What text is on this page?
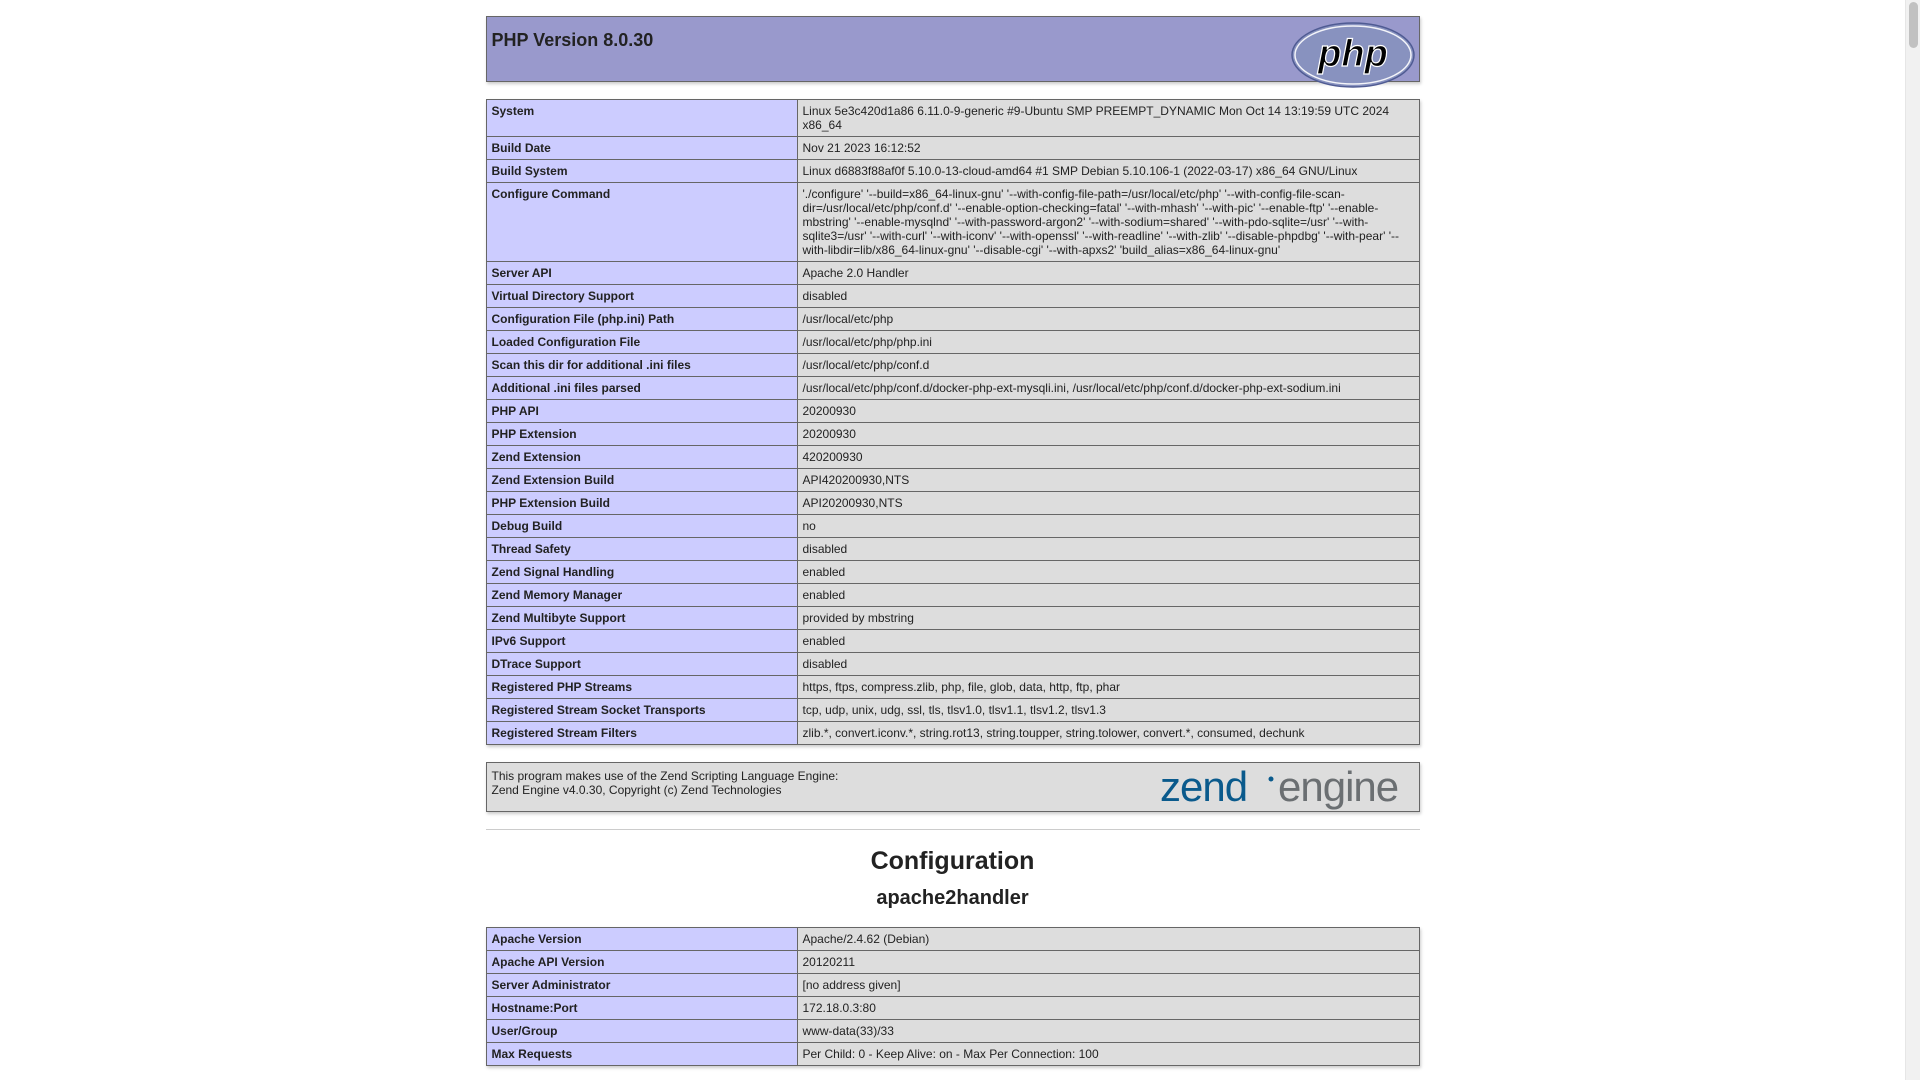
PHP Version 8.0.30	php
System	Linux 5e3c420d1a86 6.11.0-9-generic #9-Ubuntu SMP PREEMPT_DYNAMIC Mon Oct 14 13:19:59 UTC 2024 x86_64
Build Date	Nov 21 2023 16:12:52
Build System	Linux d6883f88af0f 5.10.0-13-cloud-amd64 #1 SMP Debian 5.10.106-1 (2022-03-17) x86_64 GNU/Linux
Configure Command	'./configure' '--build=x86_64-linux-gnu' '--with-config-file-path=/usr/local/etc/php' '--with-config-file-scan-dir=/usr/local/etc/php/conf.d' '--enable-option-checking=fatal' '--with-mhash' '--with-pic' '--enable-ftp' '--enable-mbstring' '--enable-mysqlnd' '--with-password-argon2' '--with-sodium=shared' '--with-pdo-sqlite=/usr' '--with-sqlite3=/usr' '--with-curl' '--with-iconv' '--with-openssl' '--with-readline' '--with-zlib' '--disable-phpdbg' '--with-pear' '--with-libdir=lib/x86_64-linux-gnu' '--disable-cgi' '--with-apxs2' 'build_alias=x86_64-linux-gnu'
Server API	Apache 2.0 Handler
Virtual Directory Support	disabled
Configuration File (php.ini) Path	/usr/local/etc/php
Loaded Configuration File	/usr/local/etc/php/php.ini
Scan this dir for additional .ini files	/usr/local/etc/php/conf.d
Additional .ini files parsed	/usr/local/etc/php/conf.d/docker-php-ext-mysqli.ini, /usr/local/etc/php/conf.d/docker-php-ext-sodium.ini
PHP API	20200930
PHP Extension	20200930
Zend Extension	420200930
Zend Extension Build	API420200930,NTS
PHP Extension Build	API20200930,NTS
Debug Build	no
Thread Safety	disabled
Zend Signal Handling	enabled
Zend Memory Manager	enabled
Zend Multibyte Support	provided by mbstring
IPv6 Support	enabled
DTrace Support	disabled
Registered PHP Streams	https, ftps, compress.zlib, php, file, glob, data, http, ftp, phar
Registered Stream Socket Transports	tcp, udp, unix, udg, ssl, tls, tlsv1.0, tlsv1.1, tlsv1.2, tlsv1.3
Registered Stream Filters	zlib.*, convert.iconv.*, string.rot13, string.toupper, string.tolower, convert.*, consumed, dechunk
This program makes use of the Zend Scripting Language Engine:
Zend Engine v4.0.30, Copyright (c) Zend Technologies	zend engine
Configuration
apache2handler
Apache Version	Apache/2.4.62 (Debian)
Apache API Version	20120211
Server Administrator	[no address given]
Hostname:Port	172.18.0.3:80
User/Group	www-data(33)/33
Max Requests	Per Child: 0 - Keep Alive: on - Max Per Connection: 100
